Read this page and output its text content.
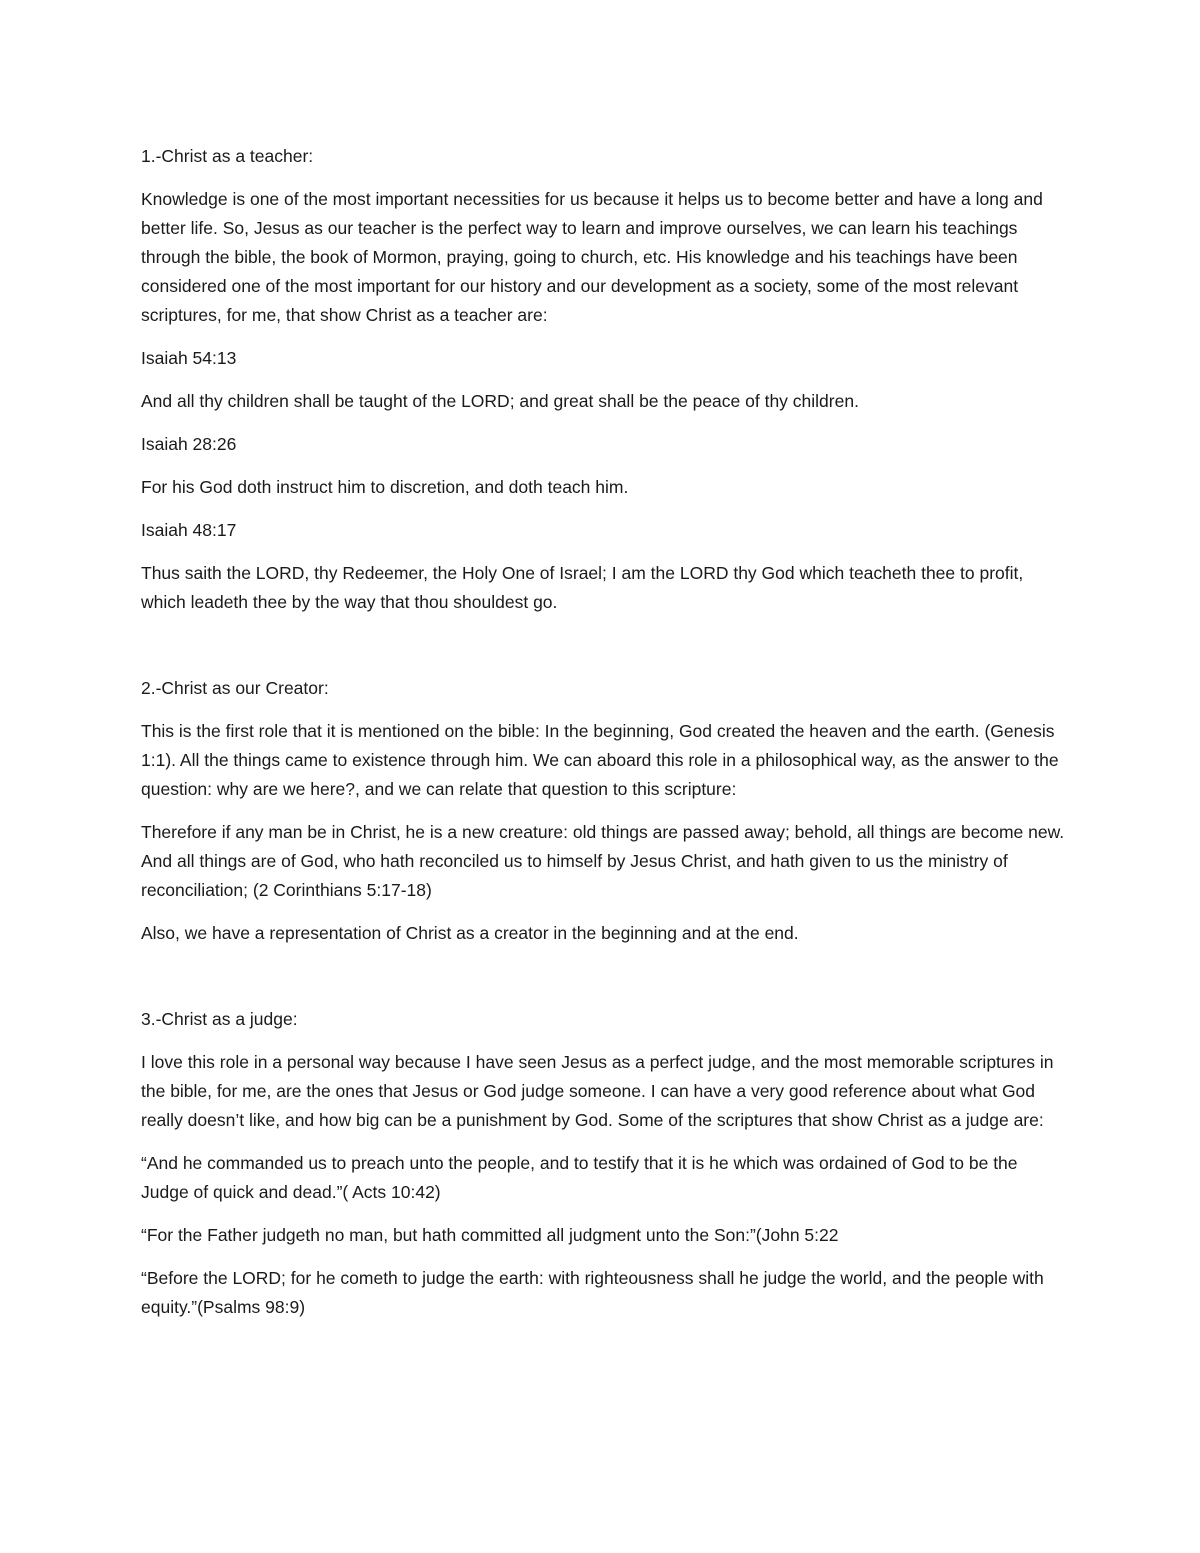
1.-Christ as a teacher:

Knowledge is one of the most important necessities for us because it helps us to become better and have a long and better life. So, Jesus as our teacher is the perfect way to learn and improve ourselves, we can learn his teachings through the bible, the book of Mormon, praying, going to church, etc. His knowledge and his teachings have been considered one of the most important for our history and our development as a society, some of the most relevant scriptures, for me, that show Christ as a teacher are:

Isaiah 54:13

And all thy children shall be taught of the LORD; and great shall be the peace of thy children.

Isaiah 28:26

For his God doth instruct him to discretion, and doth teach him.

Isaiah 48:17

Thus saith the LORD, thy Redeemer, the Holy One of Israel; I am the LORD thy God which teacheth thee to profit, which leadeth thee by the way that thou shouldest go.

2.-Christ as our Creator:

This is the first role that it is mentioned on the bible: In the beginning, God created the heaven and the earth. (Genesis 1:1). All the things came to existence through him. We can aboard this role in a philosophical way, as the answer to the question: why are we here?, and we can relate that question to this scripture:

Therefore if any man be in Christ, he is a new creature: old things are passed away; behold, all things are become new. And all things are of God, who hath reconciled us to himself by Jesus Christ, and hath given to us the ministry of reconciliation; (2 Corinthians 5:17-18)

Also, we have a representation of Christ as a creator in the beginning and at the end.

3.-Christ as a judge:

I love this role in a personal way because I have seen Jesus as a perfect judge, and the most memorable scriptures in the bible, for me, are the ones that Jesus or God judge someone. I can have a very good reference about what God really doesn’t like, and how big can be a punishment by God. Some of the scriptures that show Christ as a judge are:

“And he commanded us to preach unto the people, and to testify that it is he which was ordained of God to be the Judge of quick and dead.”( Acts 10:42)

“For the Father judgeth no man, but hath committed all judgment unto the Son:”(John 5:22

“Before the LORD; for he cometh to judge the earth: with righteousness shall he judge the world, and the people with equity.”(Psalms 98:9)
